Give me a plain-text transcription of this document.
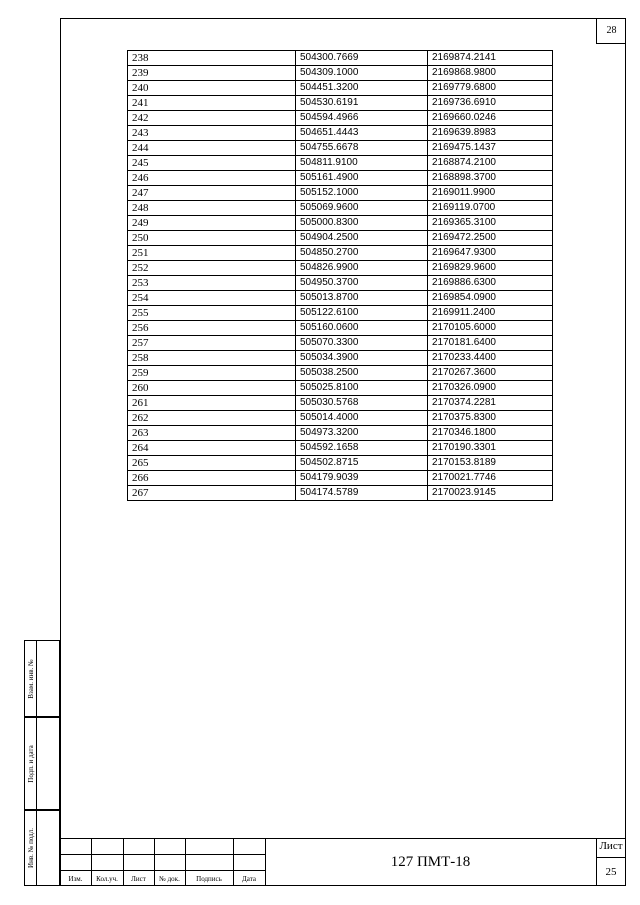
28
238	504300.7669	2169874.2141
239	504309.1000	2169868.9800
240	504451.3200	2169779.6800
241	504530.6191	2169736.6910
242	504594.4966	2169660.0246
243	504651.4443	2169639.8983
244	504755.6678	2169475.1437
245	504811.9100	2168874.2100
246	505161.4900	2168898.3700
247	505152.1000	2169011.9900
248	505069.9600	2169119.0700
249	505000.8300	2169365.3100
250	504904.2500	2169472.2500
251	504850.2700	2169647.9300
252	504826.9900	2169829.9600
253	504950.3700	2169886.6300
254	505013.8700	2169854.0900
255	505122.6100	2169911.2400
256	505160.0600	2170105.6000
257	505070.3300	2170181.6400
258	505034.3900	2170233.4400
259	505038.2500	2170267.3600
260	505025.8100	2170326.0900
261	505030.5768	2170374.2281
262	505014.4000	2170375.8300
263	504973.3200	2170346.1800
264	504592.1658	2170190.3301
265	504502.8715	2170153.8189
266	504179.9039	2170021.7746
267	504174.5789	2170023.9145
Взам. инв. №
Подп. и дата
Инв. № подл.
Изм.	Кол.уч.	Лист	№ док.	Подпись	Дата
127 ПМТ-18
Лист
25
